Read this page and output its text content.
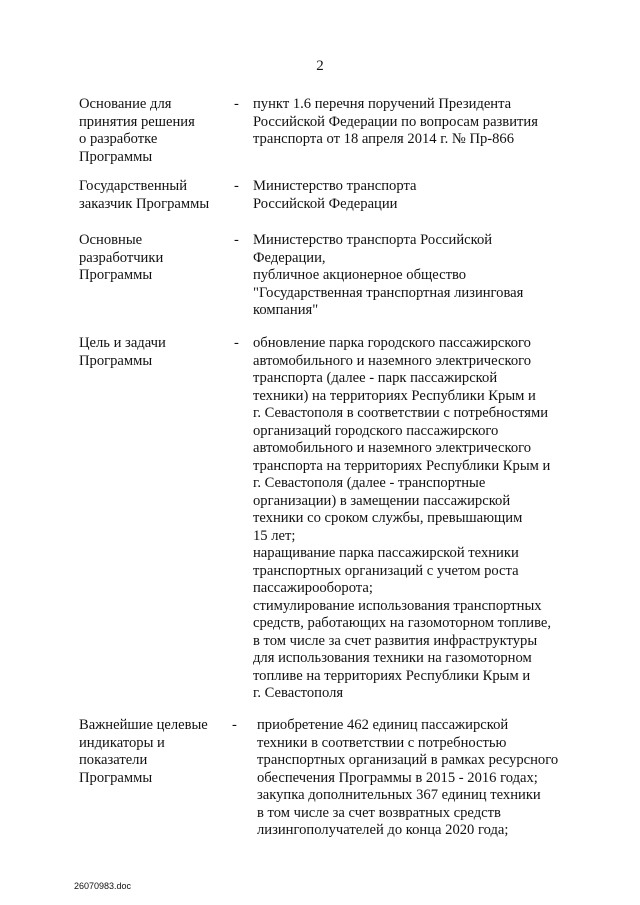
2
Основание для
принятия решения
о разработке
Программы
- пункт 1.6 перечня поручений Президента
Российской Федерации по вопросам развития
транспорта от 18 апреля 2014 г. № Пр-866
Государственный
заказчик Программы
- Министерство транспорта
Российской Федерации
Основные
разработчики
Программы
- Министерство транспорта Российской
Федерации,
публичное акционерное общество
"Государственная транспортная лизинговая
компания"
Цель и задачи
Программы
- обновление парка городского пассажирского
автомобильного и наземного электрического
транспорта (далее - парк пассажирской
техники) на территориях Республики Крым и
г. Севастополя в соответствии с потребностями
организаций городского пассажирского
автомобильного и наземного электрического
транспорта на территориях Республики Крым и
г. Севастополя (далее - транспортные
организации) в замещении пассажирской
техники со сроком службы, превышающим
15 лет;
наращивание парка пассажирской техники
транспортных организаций с учетом роста
пассажирооборота;
стимулирование использования транспортных
средств, работающих на газомоторном топливе,
в том числе за счет развития инфраструктуры
для использования техники на газомоторном
топливе на территориях Республики Крым и
г. Севастополя
Важнейшие целевые
индикаторы и
показатели
Программы
- приобретение 462 единиц пассажирской
техники в соответствии с потребностью
транспортных организаций в рамках ресурсного
обеспечения Программы в 2015 - 2016 годах;
закупка дополнительных 367 единиц техники
в том числе за счет возвратных средств
лизингополучателей до конца 2020 года;
26070983.doc
